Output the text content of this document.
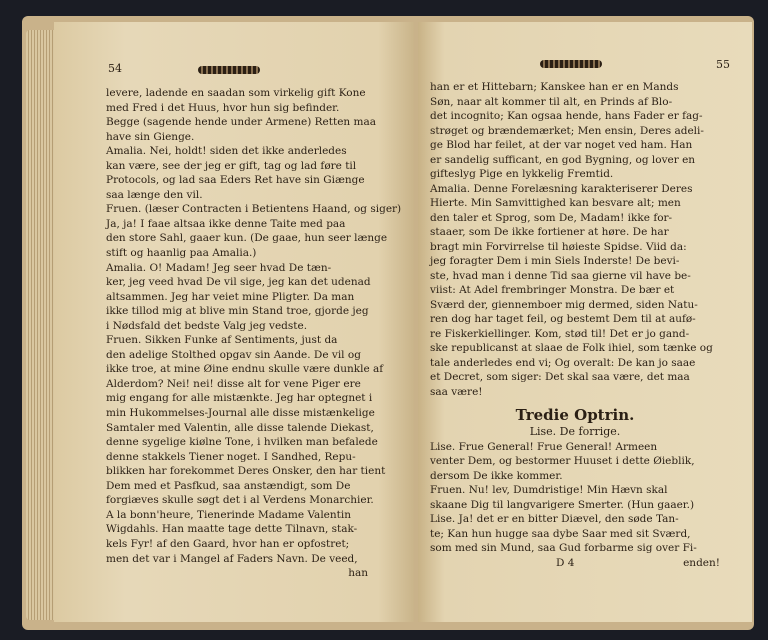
54
levere, ladende en saadan som virkelig gift Kone
med Fred i det Huus, hvor hun sig befinder.
Begge (sagende hende under Armene) Retten maa
have sin Gienge.
Amalia. Nei, holdt! siden det ikke anderledes
kan være, see der jeg er gift, tag og lad føre til
Protocols, og lad saa Eders Ret have sin Giænge
saa længe den vil.
Fruen. (læser Contracten i Betientens Haand, og siger)
Ja, ja! I faae altsaa ikke denne Taite med paa
den store Sahl, gaaer kun. (De gaae, hun seer længe
stift og haanlig paa Amalia.)
Amalia. O! Madam! Jeg seer hvad De tæn-
ker, jeg veed hvad De vil sige, jeg kan det udenad
altsammen. Jeg har veiet mine Pligter. Da man
ikke tillod mig at blive min Stand troe, gjorde jeg
i Nødsfald det bedste Valg jeg vedste.
Fruen. Sikken Funke af Sentiments, just da
den adelige Stolthed opgav sin Aande. De vil og
ikke troe, at mine Øine endnu skulle være dunkle af
Alderdom? Nei! nei! disse alt for vene Piger ere
mig engang for alle mistænkte. Jeg har optegnet i
min Hukommelses-Journal alle disse mistænkelige
Samtaler med Valentin, alle disse talende Diekast,
denne sygelige kiølne Tone, i hvilken man befalede
denne stakkels Tiener noget. I Sandhed, Repu-
blikken har forekommet Deres Onsker, den har tient
Dem med et Pasfkud, saa anstændigt, som De
forgiæves skulle søgt det i al Verdens Monarchier.
A la bonn'heure, Tienerinde Madame Valentin
Wigdahls. Han maatte tage dette Tilnavn, stak-
kels Fyr! af den Gaard, hvor han er opfostret;
men det var i Mangel af Faders Navn. De veed,
han
55
han er et Hittebarn; Kanskee han er en Mands
Søn, naar alt kommer til alt, en Prinds af Blo-
det incognito; Kan ogsaa hende, hans Fader er fag-
strøget og brændemærket; Men ensin, Deres adeli-
ge Blod har feilet, at der var noget ved ham. Han
er sandelig sufficant, en god Bygning, og lover en
gifteslyg Pige en lykkelig Fremtid.
Amalia. Denne Forelæsning karakteriserer Deres
Hierte. Min Samvittighed kan besvare alt; men
den taler et Sprog, som De, Madam! ikke for-
staaer, som De ikke fortiener at høre. De har
bragt min Forvirrelse til høieste Spidse. Viid da:
jeg foragter Dem i min Siels Inderste! De bevi-
ste, hvad man i denne Tid saa gierne vil have be-
viist: At Adel frembringer Monstra. De bær et
Sværd der, giennemboer mig dermed, siden Natu-
ren dog har taget feil, og bestemt Dem til at aufø-
re Fiskerkiellinger. Kom, stød til! Det er jo gand-
ske republicanst at slaae de Folk ihiel, som tænke og
tale anderledes end vi; Og overalt: De kan jo saae
et Decret, som siger: Det skal saa være, det maa
saa være!
Tredie Optrin.
Lise. De forrige.
Lise. Frue General! Frue General! Armeen
venter Dem, og bestormer Huuset i dette Øieblik,
dersom De ikke kommer.
Fruen. Nu! lev, Dumdristige! Min Hævn skal
skaane Dig til langvarigere Smerter. (Hun gaaer.)
Lise. Ja! det er en bitter Diævel, den søde Tan-
te; Kan hun hugge saa dybe Saar med sit Sværd,
som med sin Mund, saa Gud forbarme sig over Fi-
enden!
D 4
